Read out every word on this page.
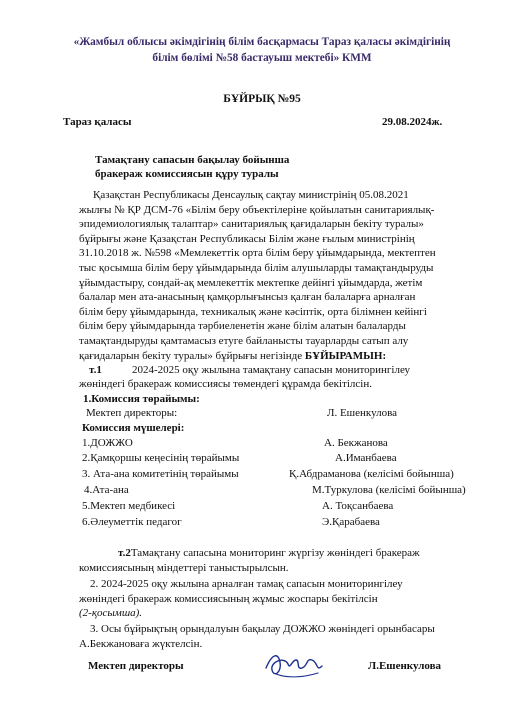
«Жамбыл облысы әкімдігінің білім басқармасы Тараз қаласы әкімдігінің
білім бөлімі №58 бастауыш мектебі» КММ
БҰЙРЫҚ №95
Тараз қаласы	29.08.2024ж.
Тамақтану сапасын бақылау бойынша
бракераж комиссиясын құру туралы
Қазақстан Республикасы Денсаулық сақтау министрінің 05.08.2021
жылғы № ҚР ДСМ-76 «Білім беру объектілеріне қойылатын санитариялық-
эпидемиологиялық талаптар» санитариялық қағидаларын бекіту туралы»
бұйрығы және Қазақстан Республикасы Білім және ғылым министрінің
31.10.2018 ж. №598 «Мемлекеттік орта білім беру ұйымдарында, мектептен
тыс қосымша білім беру ұйымдарында білім алушыларды тамақтандыруды
ұйымдастыру, сондай-ақ мемлекеттік мектепке дейінгі ұйымдарда, жетім
балалар мен ата-анасының қамқорлығынсыз қалған балаларға арналған
білім беру ұйымдарында, техникалық және кәсіптік, орта білімнен кейінгі
білім беру ұйымдарында тәрбиеленетін және білім алатын балаларды
тамақтандыруды қамтамасыз етуге байланысты тауарларды сатып алу
қағидаларын бекіту туралы» бұйрығы негізінде БҰЙЫРАМЫН:
т.1	2024-2025 оқу жылына тамақтану сапасын мониторингілеу
жөніндегі бракераж комиссиясы төмендегі құрамда бекітілсін.
1.Комиссия төрайымы:
Мектеп директоры:	Л. Ешенкулова
Комиссия мүшелері:
1.ДОЖЖО	А. Бекжанова
2.Қамқоршы кеңесінің төрайымы	А.Иманбаева
3. Ата-ана комитетінің төрайымы	Қ.Абдраманова (келісімі бойынша)
4.Ата-ана	М.Туркулова (келісімі бойынша)
5.Мектеп медбикесі	А. Тоқсанбаева
6.Әлеуметтік педагог	Э.Қарабаева
т.2Тамақтану сапасына мониторинг жүргізу жөніндегі бракераж
комиссиясының міндеттері таныстырылсын.
2. 2024-2025 оқу жылына арналған тамақ сапасын мониторингілеу
жөніндегі бракераж комиссиясының жұмыс жоспары бекітілсін
(2-қосымша).
3. Осы бұйрықтың орындалуын бақылау ДОЖЖО жөніндегі орынбасары
А.Бекжановаға жүктелсін.
Мектеп директоры	Л.Ешенкулова
